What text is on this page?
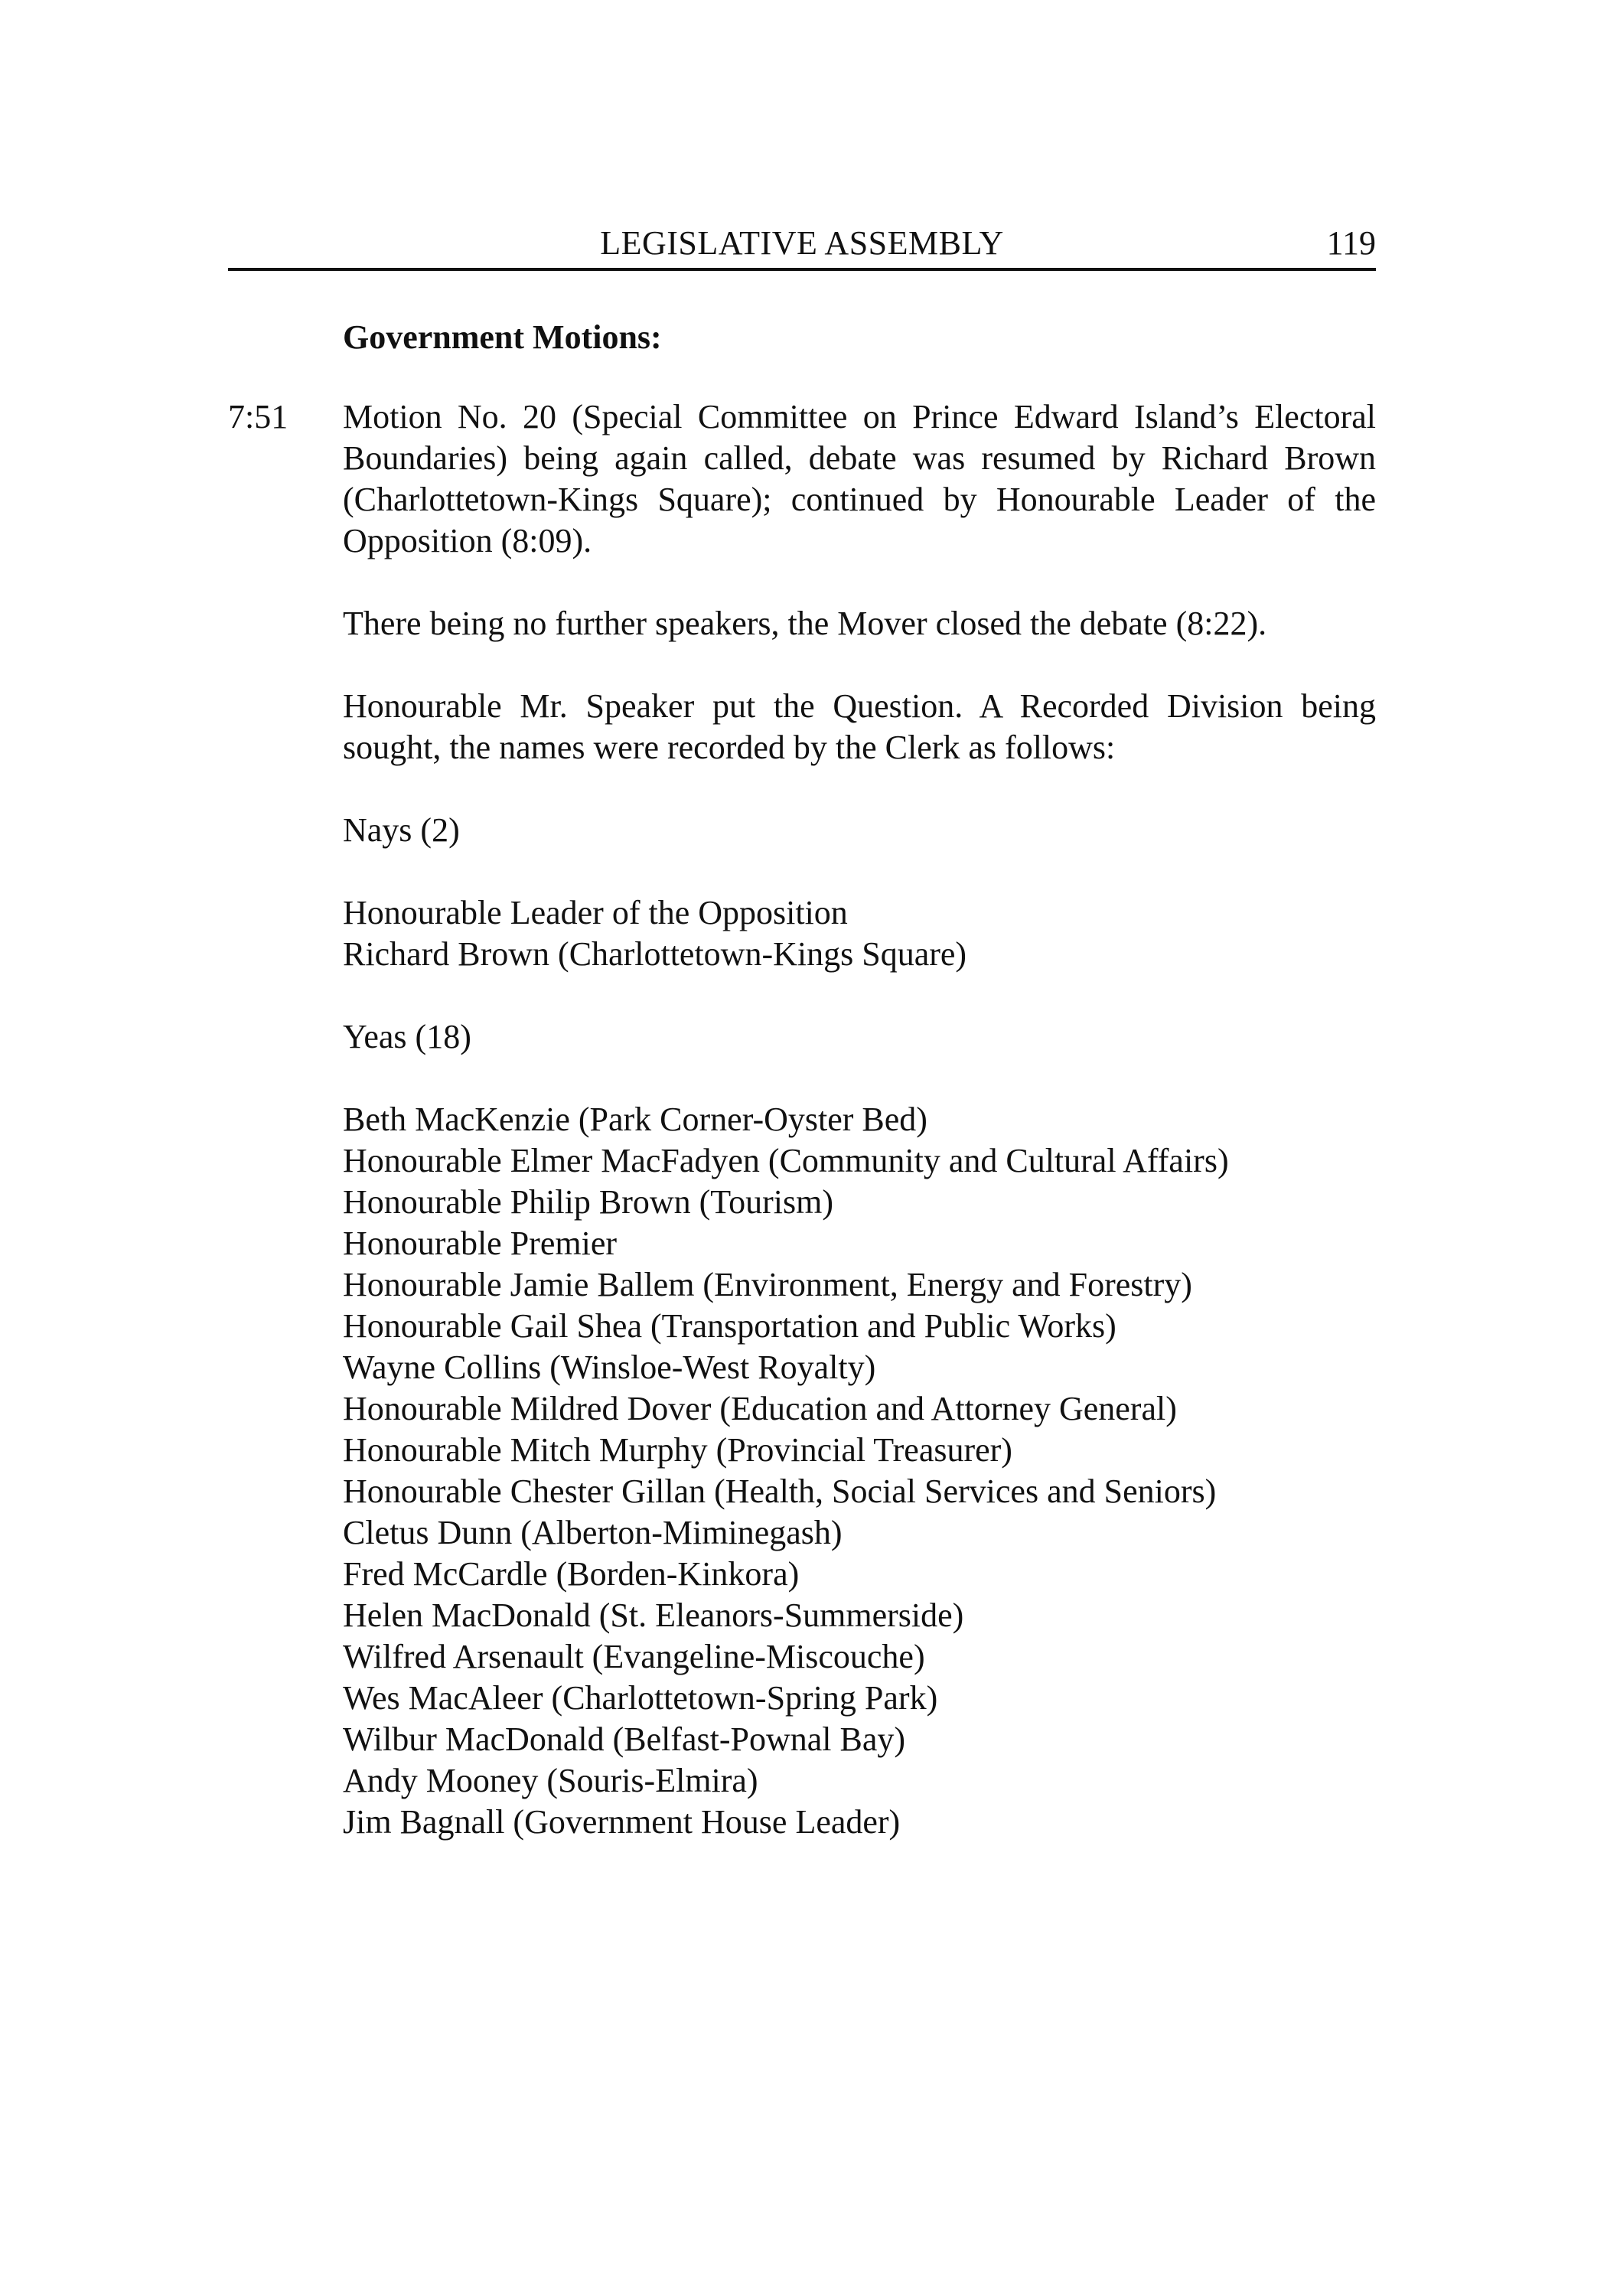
LEGISLATIVE ASSEMBLY	119
Government Motions:
7:51 Motion No. 20 (Special Committee on Prince Edward Island’s Electoral Boundaries) being again called, debate was resumed by Richard Brown (Charlottetown-Kings Square); continued by Honourable Leader of the Opposition (8:09).

There being no further speakers, the Mover closed the debate (8:22).

Honourable Mr. Speaker put the Question. A Recorded Division being sought, the names were recorded by the Clerk as follows:

Nays (2)

Honourable Leader of the Opposition
Richard Brown (Charlottetown-Kings Square)

Yeas (18)

Beth MacKenzie (Park Corner-Oyster Bed)
Honourable Elmer MacFadyen (Community and Cultural Affairs)
Honourable Philip Brown (Tourism)
Honourable Premier
Honourable Jamie Ballem (Environment, Energy and Forestry)
Honourable Gail Shea (Transportation and Public Works)
Wayne Collins (Winsloe-West Royalty)
Honourable Mildred Dover (Education and Attorney General)
Honourable Mitch Murphy (Provincial Treasurer)
Honourable Chester Gillan (Health, Social Services and Seniors)
Cletus Dunn (Alberton-Miminegash)
Fred McCardle (Borden-Kinkora)
Helen MacDonald (St. Eleanors-Summerside)
Wilfred Arsenault (Evangeline-Miscouche)
Wes MacAleer (Charlottetown-Spring Park)
Wilbur MacDonald (Belfast-Pownal Bay)
Andy Mooney (Souris-Elmira)
Jim Bagnall (Government House Leader)
